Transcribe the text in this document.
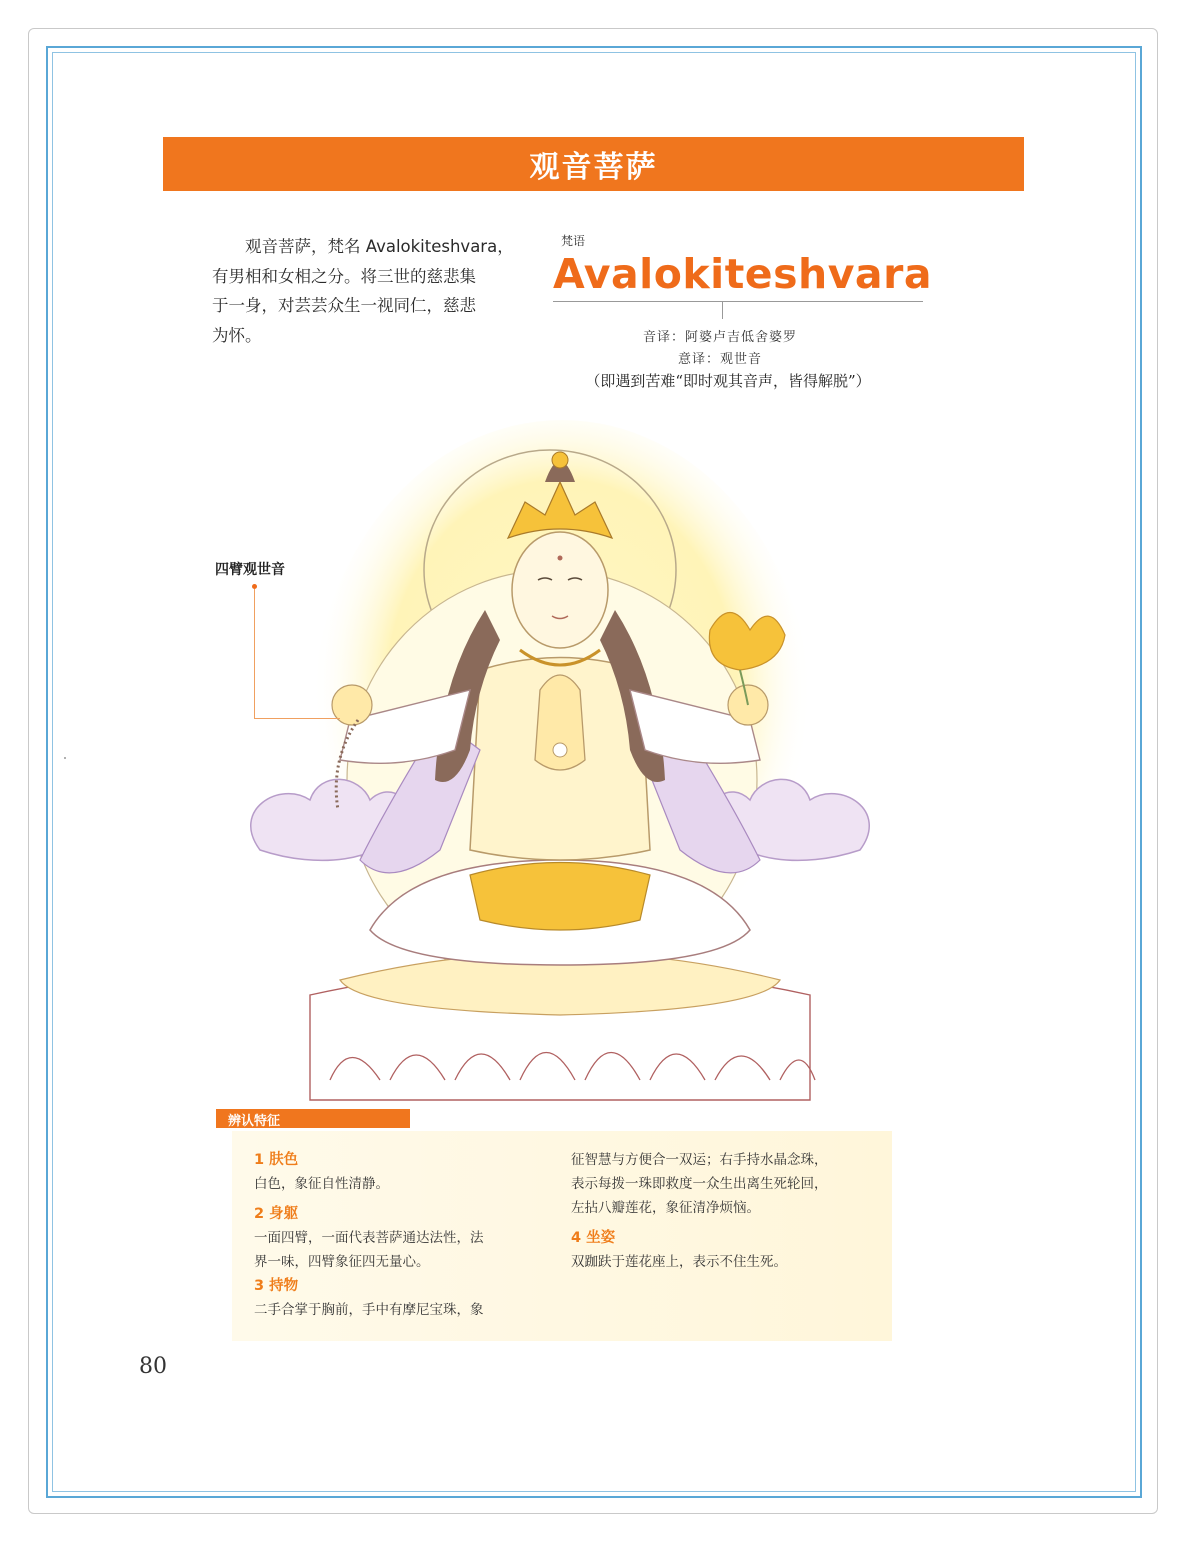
观音菩萨
　　观音菩萨，梵名 Avalokiteshvara，
有男相和女相之分。将三世的慈悲集
于一身，对芸芸众生一视同仁，慈悲
为怀。
梵语
Avalokiteshvara
音译：阿婆卢吉低舍婆罗
意译：观世音
（即遇到苦难“即时观其音声，皆得解脱”）
四臂观世音
辨认特征
1 肤色
白色，象征自性清静。
2 身躯
一面四臂，一面代表菩萨通达法性，法
界一味，四臂象征四无量心。
3 持物
二手合掌于胸前，手中有摩尼宝珠，象
征智慧与方便合一双运；右手持水晶念珠，
表示每拨一珠即救度一众生出离生死轮回，
左拈八瓣莲花，象征清净烦恼。
4 坐姿
双跏趺于莲花座上，表示不住生死。
80
